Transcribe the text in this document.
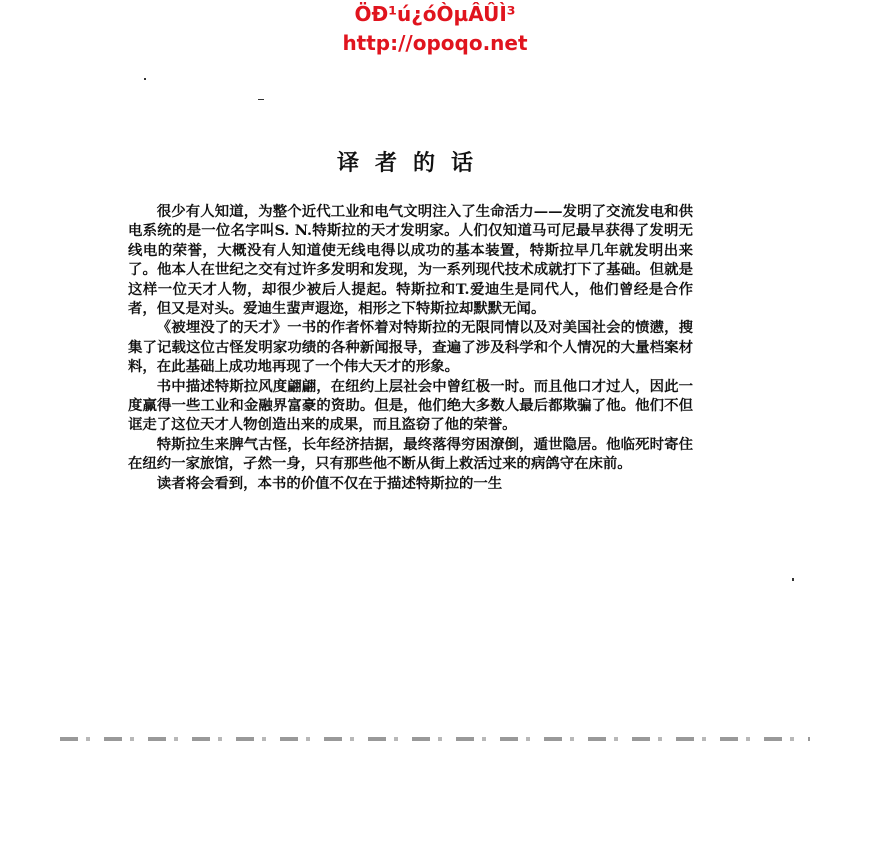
ÖÐ¹ú¿óÒµÂÛÌ³
http://opoqo.net
译者的话

很少有人知道，为整个近代工业和电气文明注入了生命活力——发明了交流发电和供电系统的是一位名字叫S. N.特斯拉的天才发明家。人们仅知道马可尼最早获得了发明无线电的荣誉，大概没有人知道使无线电得以成功的基本装置，特斯拉早几年就发明出来了。他本人在世纪之交有过许多发明和发现，为一系列现代技术成就打下了基础。但就是这样一位天才人物，却很少被后人提起。特斯拉和T.爱迪生是同代人，他们曾经是合作者，但又是对头。爱迪生蜚声遐迩，相形之下特斯拉却默默无闻。

《被埋没了的天才》一书的作者怀着对特斯拉的无限同情以及对美国社会的愤懑，搜集了记载这位古怪发明家功绩的各种新闻报导，查遍了涉及科学和个人情况的大量档案材料，在此基础上成功地再现了一个伟大天才的形象。

书中描述特斯拉风度翩翩，在纽约上层社会中曾红极一时。而且他口才过人，因此一度赢得一些工业和金融界富豪的资助。但是，他们绝大多数人最后都欺骗了他。他们不但诓走了这位天才人物创造出来的成果，而且盗窃了他的荣誉。

特斯拉生来脾气古怪，长年经济拮据，最终落得穷困潦倒，遁世隐居。他临死时寄住在纽约一家旅馆，孑然一身，只有那些他不断从街上救活过来的病鸽守在床前。

读者将会看到，本书的价值不仅在于描述特斯拉的一生
